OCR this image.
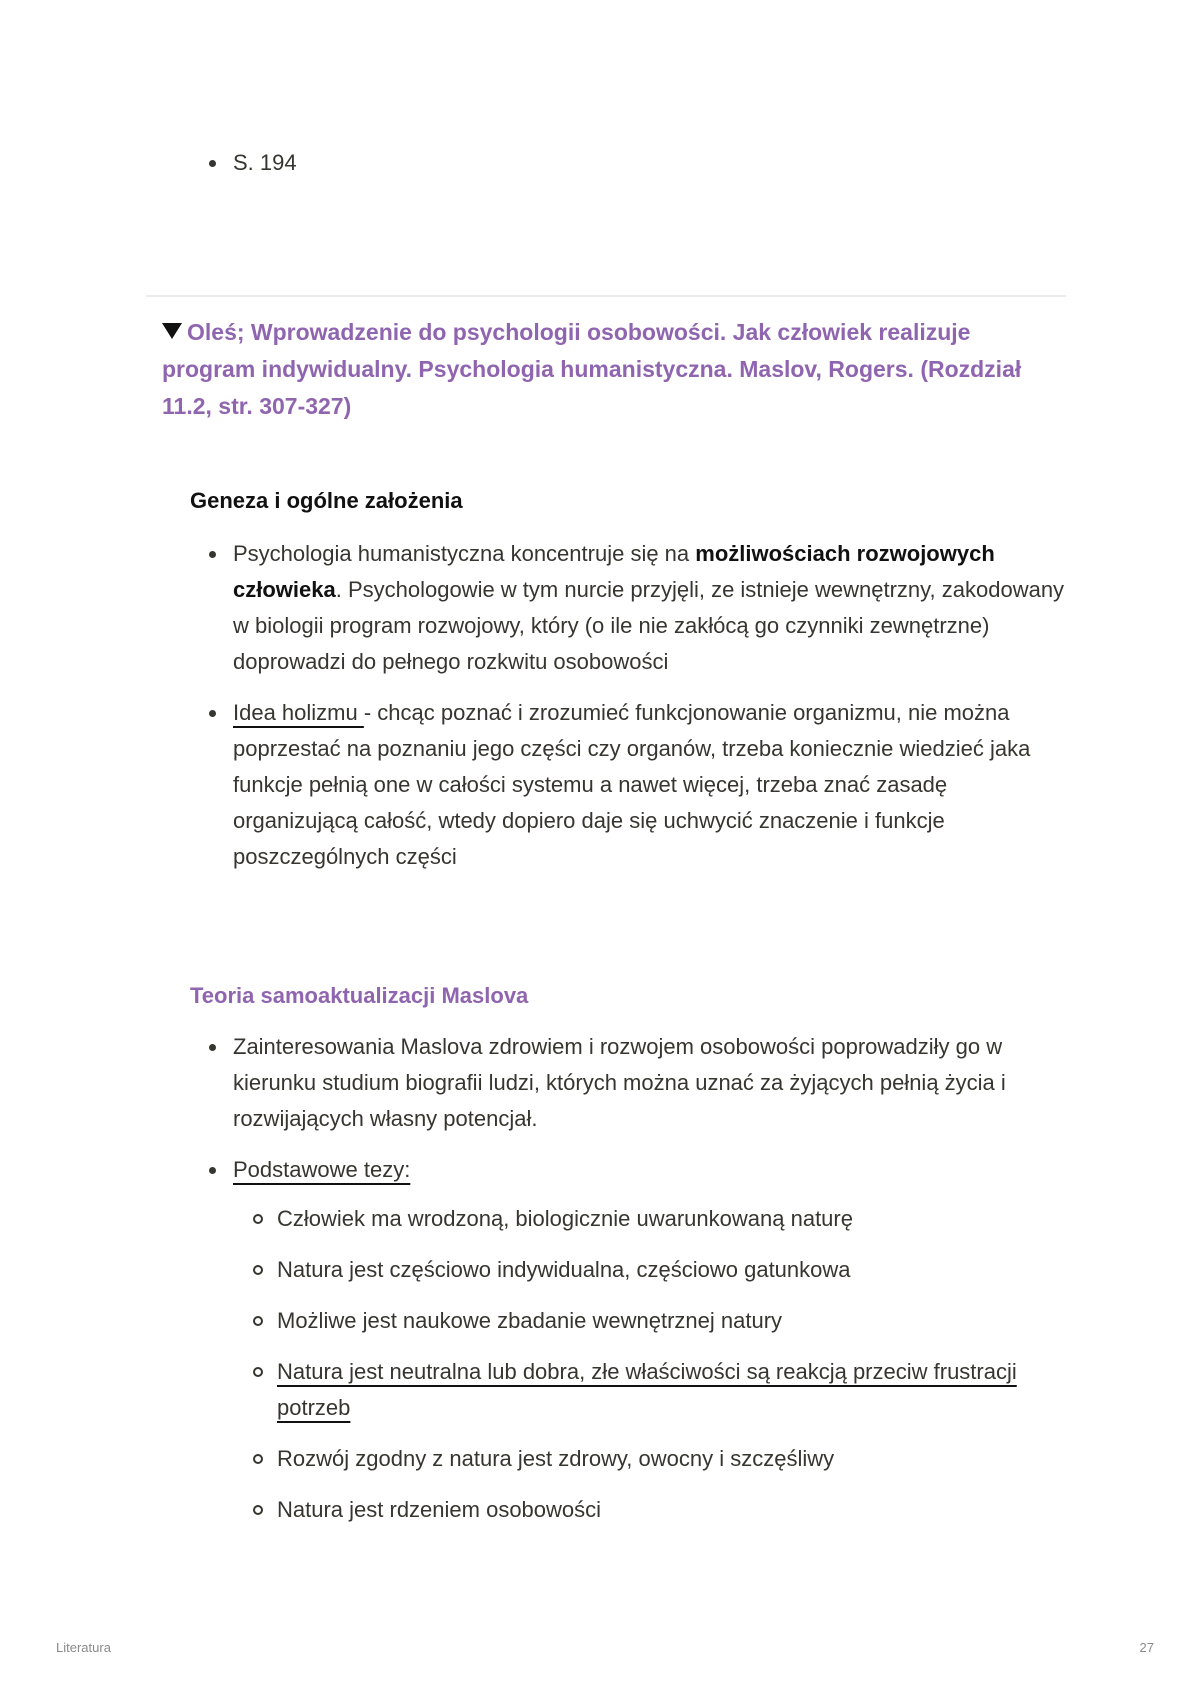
S. 194

Oleś; Wprowadzenie do psychologii osobowości. Jak człowiek realizuje program indywidualny. Psychologia humanistyczna. Maslov, Rogers. (Rozdział 11.2, str. 307-327)

Geneza i ogólne założenia
Psychologia humanistyczna koncentruje się na możliwościach rozwojowych człowieka. Psychologowie w tym nurcie przyjęli, ze istnieje wewnętrzny, zakodowany w biologii program rozwojowy, który (o ile nie zakłócą go czynniki zewnętrzne) doprowadzi do pełnego rozkwitu osobowości
Idea holizmu - chcąc poznać i zrozumieć funkcjonowanie organizmu, nie można poprzestać na poznaniu jego części czy organów, trzeba koniecznie wiedzieć jaka funkcje pełnią one w całości systemu a nawet więcej, trzeba znać zasadę organizującą całość, wtedy dopiero daje się uchwycić znaczenie i funkcje poszczególnych części
Teoria samoaktualizacji Maslova
Zainteresowania Maslova zdrowiem i rozwojem osobowości poprowadziły go w kierunku studium biografii ludzi, których można uznać za żyjących pełnią życia i rozwijających własny potencjał.
Podstawowe tezy:
Człowiek ma wrodzoną, biologicznie uwarunkowaną naturę
Natura jest częściowo indywidualna, częściowo gatunkowa
Możliwe jest naukowe zbadanie wewnętrznej natury
Natura jest neutralna lub dobra, złe właściwości są reakcją przeciw frustracji potrzeb
Rozwój zgodny z natura jest zdrowy, owocny i szczęśliwy
Natura jest rdzeniem osobowości
Literatura	27
